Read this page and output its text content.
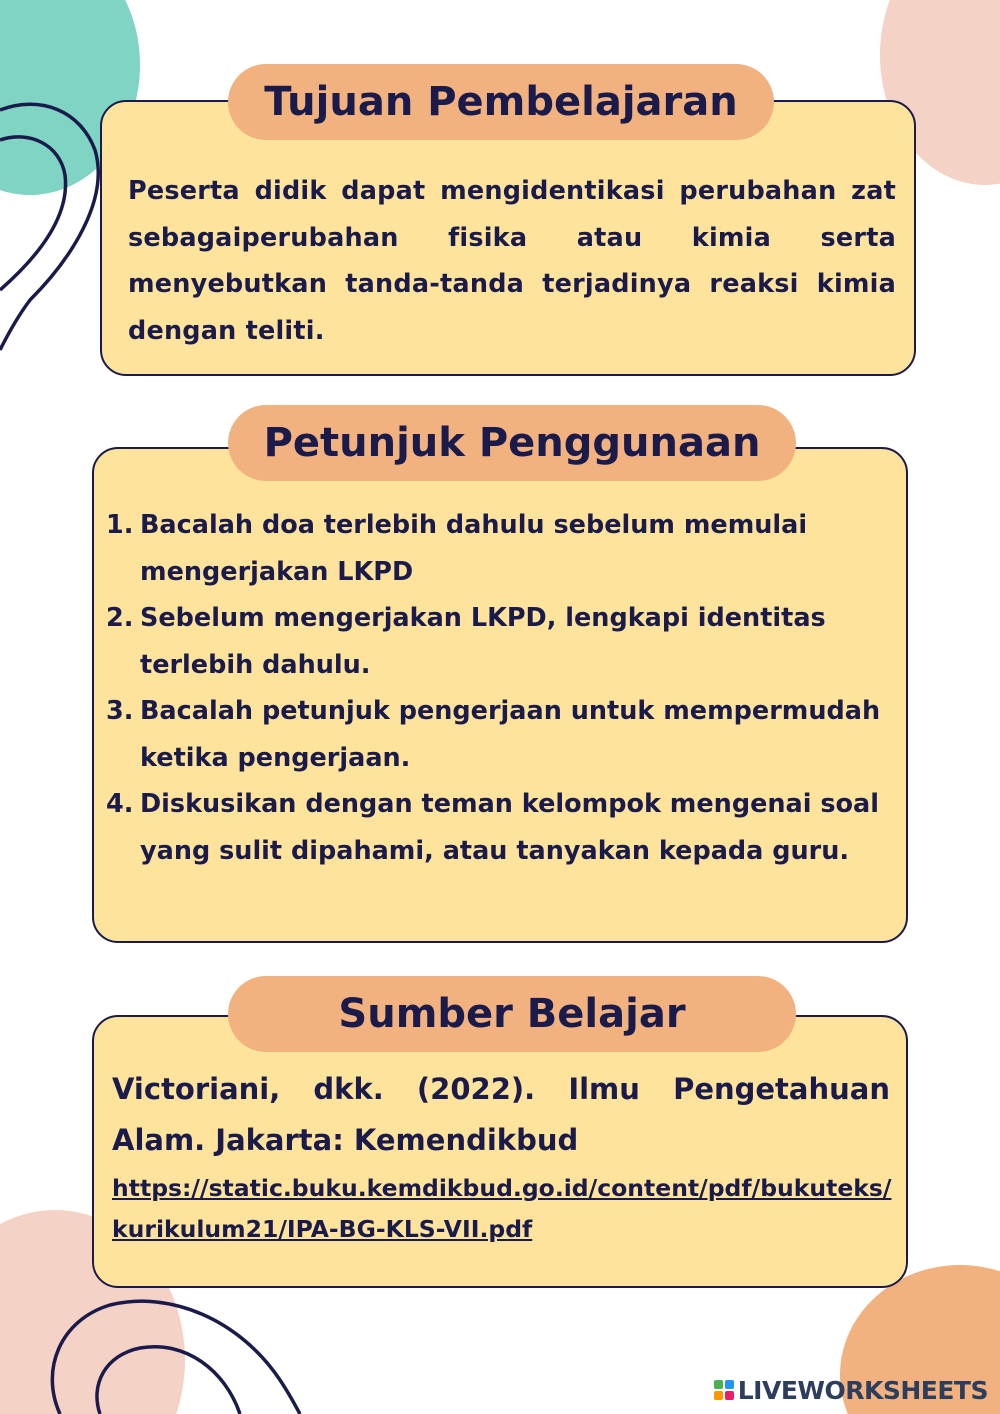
Tujuan Pembelajaran
Peserta didik dapat mengidentikasi perubahan zat sebagaiperubahan fisika atau kimia serta menyebutkan tanda-tanda terjadinya reaksi kimia dengan teliti.
Petunjuk Penggunaan
1. Bacalah doa terlebih dahulu sebelum memulai mengerjakan LKPD
2. Sebelum mengerjakan LKPD, lengkapi identitas terlebih dahulu.
3. Bacalah petunjuk pengerjaan untuk mempermudah ketika pengerjaan.
4. Diskusikan dengan teman kelompok mengenai soal yang sulit dipahami, atau tanyakan kepada guru.
Sumber Belajar
Victoriani, dkk. (2022). Ilmu Pengetahuan Alam. Jakarta: Kemendikbud
https://static.buku.kemdikbud.go.id/content/pdf/bukuteks/kurikulum21/IPA-BG-KLS-VII.pdf
LIVEWORKSHEETS
